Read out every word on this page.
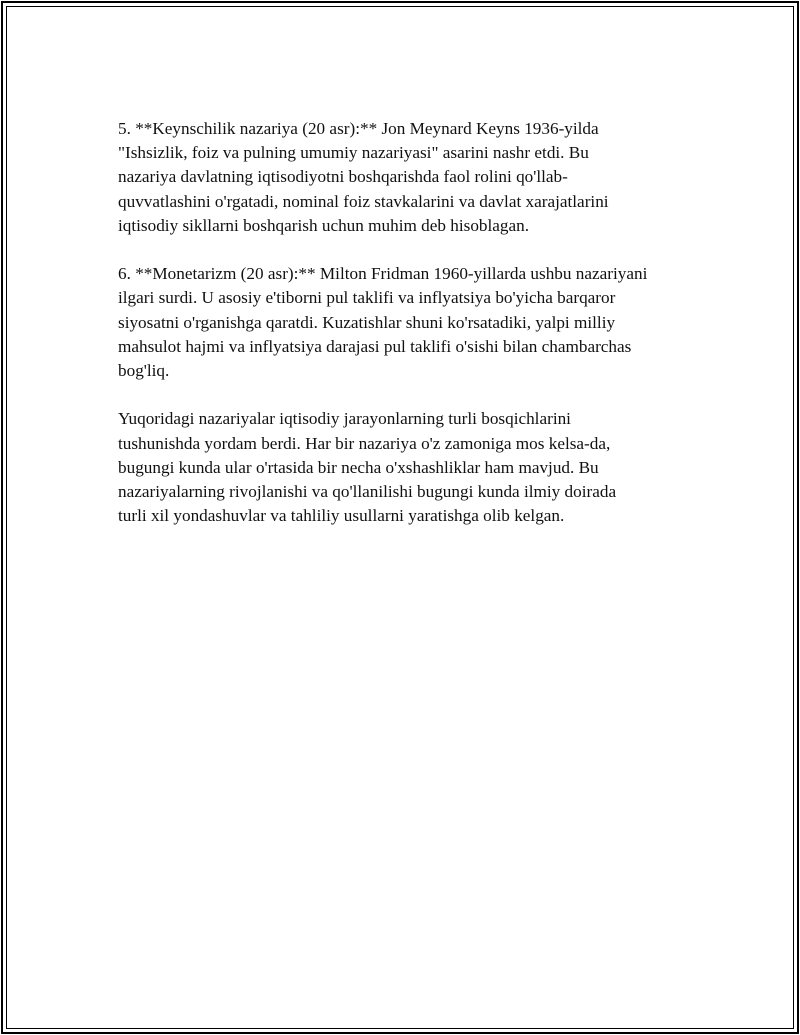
5. **Keynschilik nazariya (20 asr):** Jon Meynard Keyns 1936-yilda
"Ishsizlik, foiz va pulning umumiy nazariyasi" asarini nashr etdi. Bu
nazariya davlatning iqtisodiyotni boshqarishda faol rolini qo'llab-
quvvatlashini o'rgatadi, nominal foiz stavkalarini va davlat xarajatlarini
iqtisodiy sikllarni boshqarish uchun muhim deb hisoblagan.

6. **Monetarizm (20 asr):** Milton Fridman 1960-yillarda ushbu nazariyani
ilgari surdi. U asosiy e'tiborni pul taklifi va inflyatsiya bo'yicha barqaror
siyosatni o'rganishga qaratdi. Kuzatishlar shuni ko'rsatadiki, yalpi milliy
mahsulot hajmi va inflyatsiya darajasi pul taklifi o'sishi bilan chambarchas
bog'liq.

Yuqoridagi nazariyalar iqtisodiy jarayonlarning turli bosqichlarini
tushunishda yordam berdi. Har bir nazariya o'z zamoniga mos kelsa-da,
bugungi kunda ular o'rtasida bir necha o'xshashliklar ham mavjud. Bu
nazariyalarning rivojlanishi va qo'llanilishi bugungi kunda ilmiy doirada
turli xil yondashuvlar va tahliliy usullarni yaratishga olib kelgan.
